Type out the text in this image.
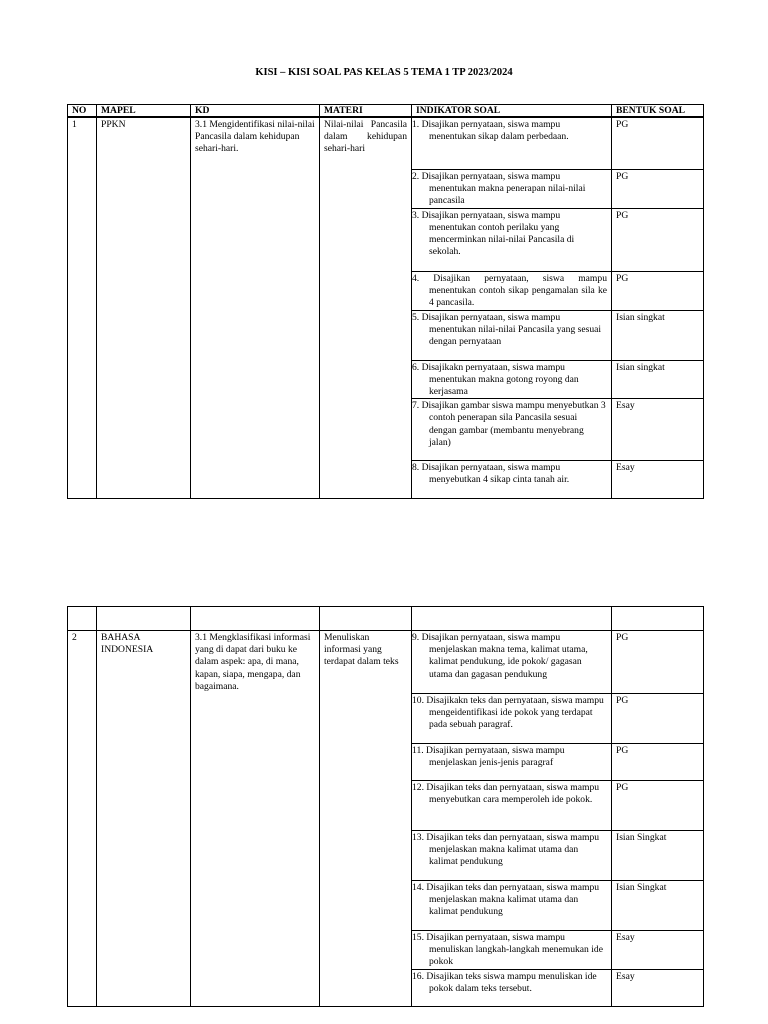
KISI – KISI SOAL PAS KELAS 5 TEMA 1 TP 2023/2024
NO	MAPEL	KD	MATERI	INDIKATOR SOAL	BENTUK SOAL
1	PPKN	3.1 Mengidentifikasi nilai-nilai Pancasila dalam kehidupan sehari-hari.	Nilai-nilai Pancasila dalam kehidupan sehari-hari	1. Disajikan pernyataan, siswa mampu menentukan sikap dalam perbedaan.	PG
				2. Disajikan pernyataan, siswa mampu menentukan makna penerapan nilai-nilai pancasila	PG
				3. Disajikan pernyataan, siswa mampu menentukan contoh perilaku yang mencerminkan nilai-nilai Pancasila di sekolah.	PG
				4. Disajikan pernyataan, siswa mampu menentukan contoh sikap pengamalan sila ke 4 pancasila.	PG
				5. Disajikan pernyataan, siswa mampu menentukan nilai-nilai Pancasila yang sesuai dengan pernyataan	Isian singkat
				6. Disajikakn pernyataan, siswa mampu menentukan makna gotong royong dan kerjasama	Isian singkat
				7. Disajikan gambar siswa mampu menyebutkan 3 contoh penerapan sila Pancasila sesuai dengan gambar (membantu menyebrang jalan)	Esay
				8. Disajikan pernyataan, siswa mampu menyebutkan 4 sikap cinta tanah air.	Esay

2	BAHASA INDONESIA	3.1 Mengklasifikasi informasi yang di dapat dari buku ke dalam aspek: apa, di mana, kapan, siapa, mengapa, dan bagaimana.	Menuliskan informasi yang terdapat dalam teks	9. Disajikan pernyataan, siswa mampu menjelaskan makna tema, kalimat utama, kalimat pendukung, ide pokok/ gagasan utama dan gagasan pendukung	PG
				10. Disajikakn teks dan pernyataan, siswa mampu mengeidentifikasi ide pokok yang terdapat pada sebuah paragraf.	PG
				11. Disajikan pernyataan, siswa mampu menjelaskan jenis-jenis paragraf	PG
				12. Disajikan teks dan pernyataan, siswa mampu menyebutkan cara memperoleh ide pokok.	PG
				13. Disajikan teks dan pernyataan, siswa mampu menjelaskan makna kalimat utama dan kalimat pendukung	Isian Singkat
				14. Disajikan teks dan pernyataan, siswa mampu menjelaskan makna kalimat utama dan kalimat pendukung	Isian Singkat
				15. Disajikan pernyataan, siswa mampu menuliskan langkah-langkah menemukan ide pokok	Esay
				16. Disajikan teks siswa mampu menuliskan ide pokok dalam teks tersebut.	Esay
